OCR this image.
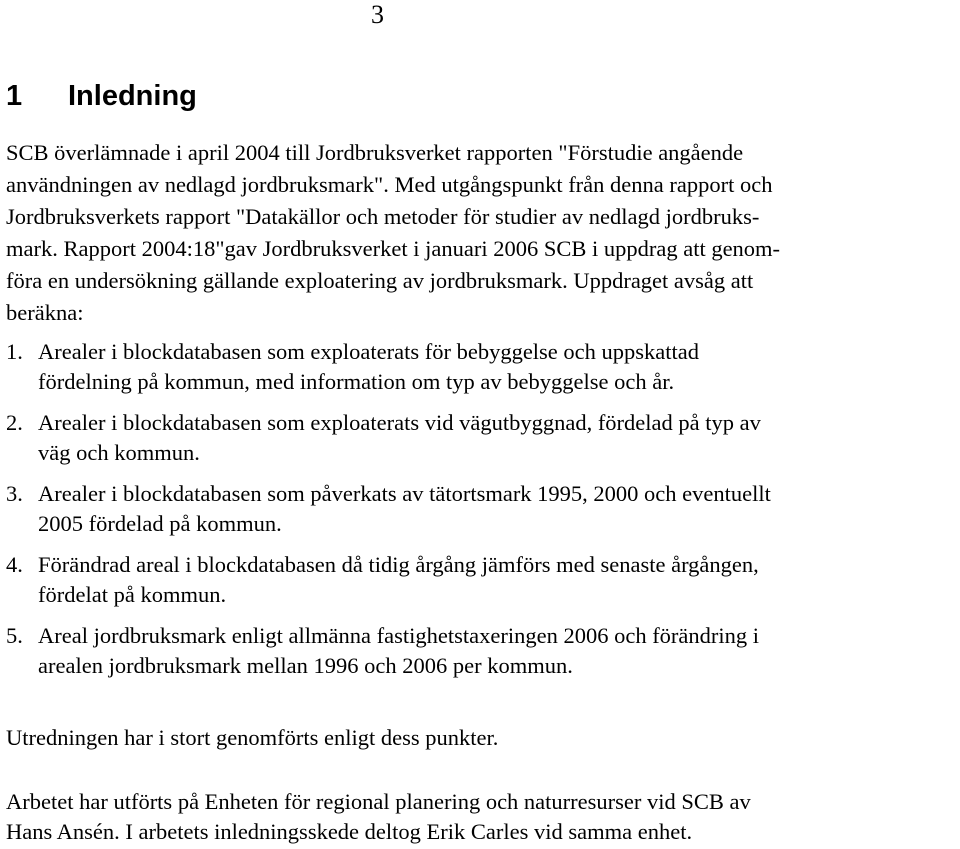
3
1 Inledning
SCB överlämnade i april 2004 till Jordbruksverket rapporten "Förstudie angående
användningen av nedlagd jordbruksmark". Med utgångspunkt från denna rapport och
Jordbruksverkets rapport "Datakällor och metoder för studier av nedlagd jordbruks-
mark. Rapport 2004:18"gav Jordbruksverket i januari 2006 SCB i uppdrag att genom-
föra en undersökning gällande exploatering av jordbruksmark. Uppdraget avsåg att
beräkna:
1. Arealer i blockdatabasen som exploaterats för bebyggelse och uppskattad
fördelning på kommun, med information om typ av bebyggelse och år.
2. Arealer i blockdatabasen som exploaterats vid vägutbyggnad, fördelad på typ av
väg och kommun.
3. Arealer i blockdatabasen som påverkats av tätortsmark 1995, 2000 och eventuellt
2005 fördelad på kommun.
4. Förändrad areal i blockdatabasen då tidig årgång jämförs med senaste årgången,
fördelat på kommun.
5. Areal jordbruksmark enligt allmänna fastighetstaxeringen 2006 och förändring i
arealen jordbruksmark mellan 1996 och 2006 per kommun.
Utredningen har i stort genomförts enligt dess punkter.
Arbetet har utförts på Enheten för regional planering och naturresurser vid SCB av
Hans Ansén. I arbetets inledningsskede deltog Erik Carles vid samma enhet.
